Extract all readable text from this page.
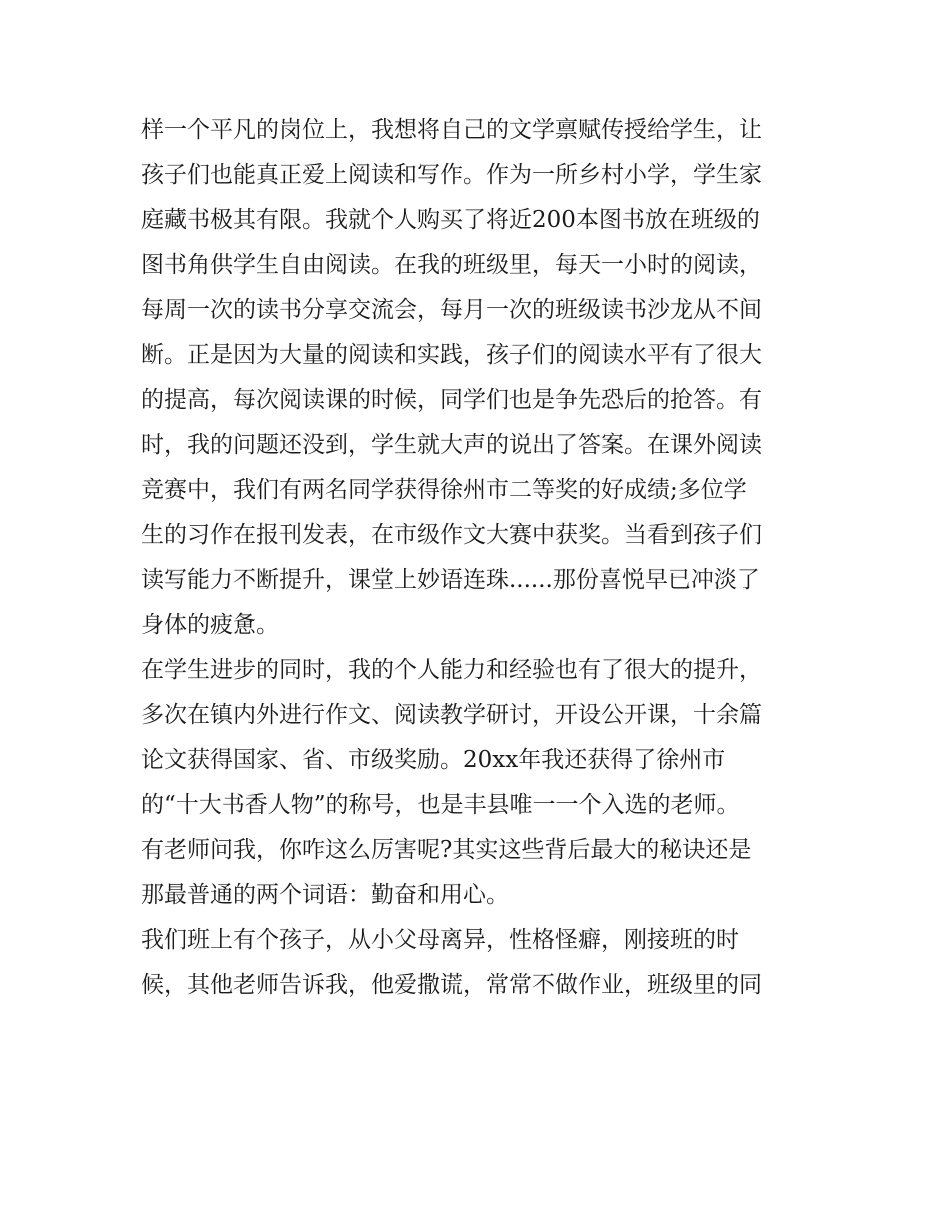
样一个平凡的岗位上，我想将自己的文学禀赋传授给学生，让
孩子们也能真正爱上阅读和写作。作为一所乡村小学，学生家
庭藏书极其有限。我就个人购买了将近200本图书放在班级的
图书角供学生自由阅读。在我的班级里，每天一小时的阅读，
每周一次的读书分享交流会，每月一次的班级读书沙龙从不间
断。正是因为大量的阅读和实践，孩子们的阅读水平有了很大
的提高，每次阅读课的时候，同学们也是争先恐后的抢答。有
时，我的问题还没到，学生就大声的说出了答案。在课外阅读
竞赛中，我们有两名同学获得徐州市二等奖的好成绩;多位学
生的习作在报刊发表，在市级作文大赛中获奖。当看到孩子们
读写能力不断提升，课堂上妙语连珠......那份喜悦早已冲淡了
身体的疲惫。
在学生进步的同时，我的个人能力和经验也有了很大的提升，
多次在镇内外进行作文、阅读教学研讨，开设公开课，十余篇
论文获得国家、省、市级奖励。20xx年我还获得了徐州市
的“十大书香人物”的称号，也是丰县唯一一个入选的老师。
有老师问我，你咋这么厉害呢?其实这些背后最大的秘诀还是
那最普通的两个词语：勤奋和用心。
我们班上有个孩子，从小父母离异，性格怪癖，刚接班的时
候，其他老师告诉我，他爱撒谎，常常不做作业，班级里的同
